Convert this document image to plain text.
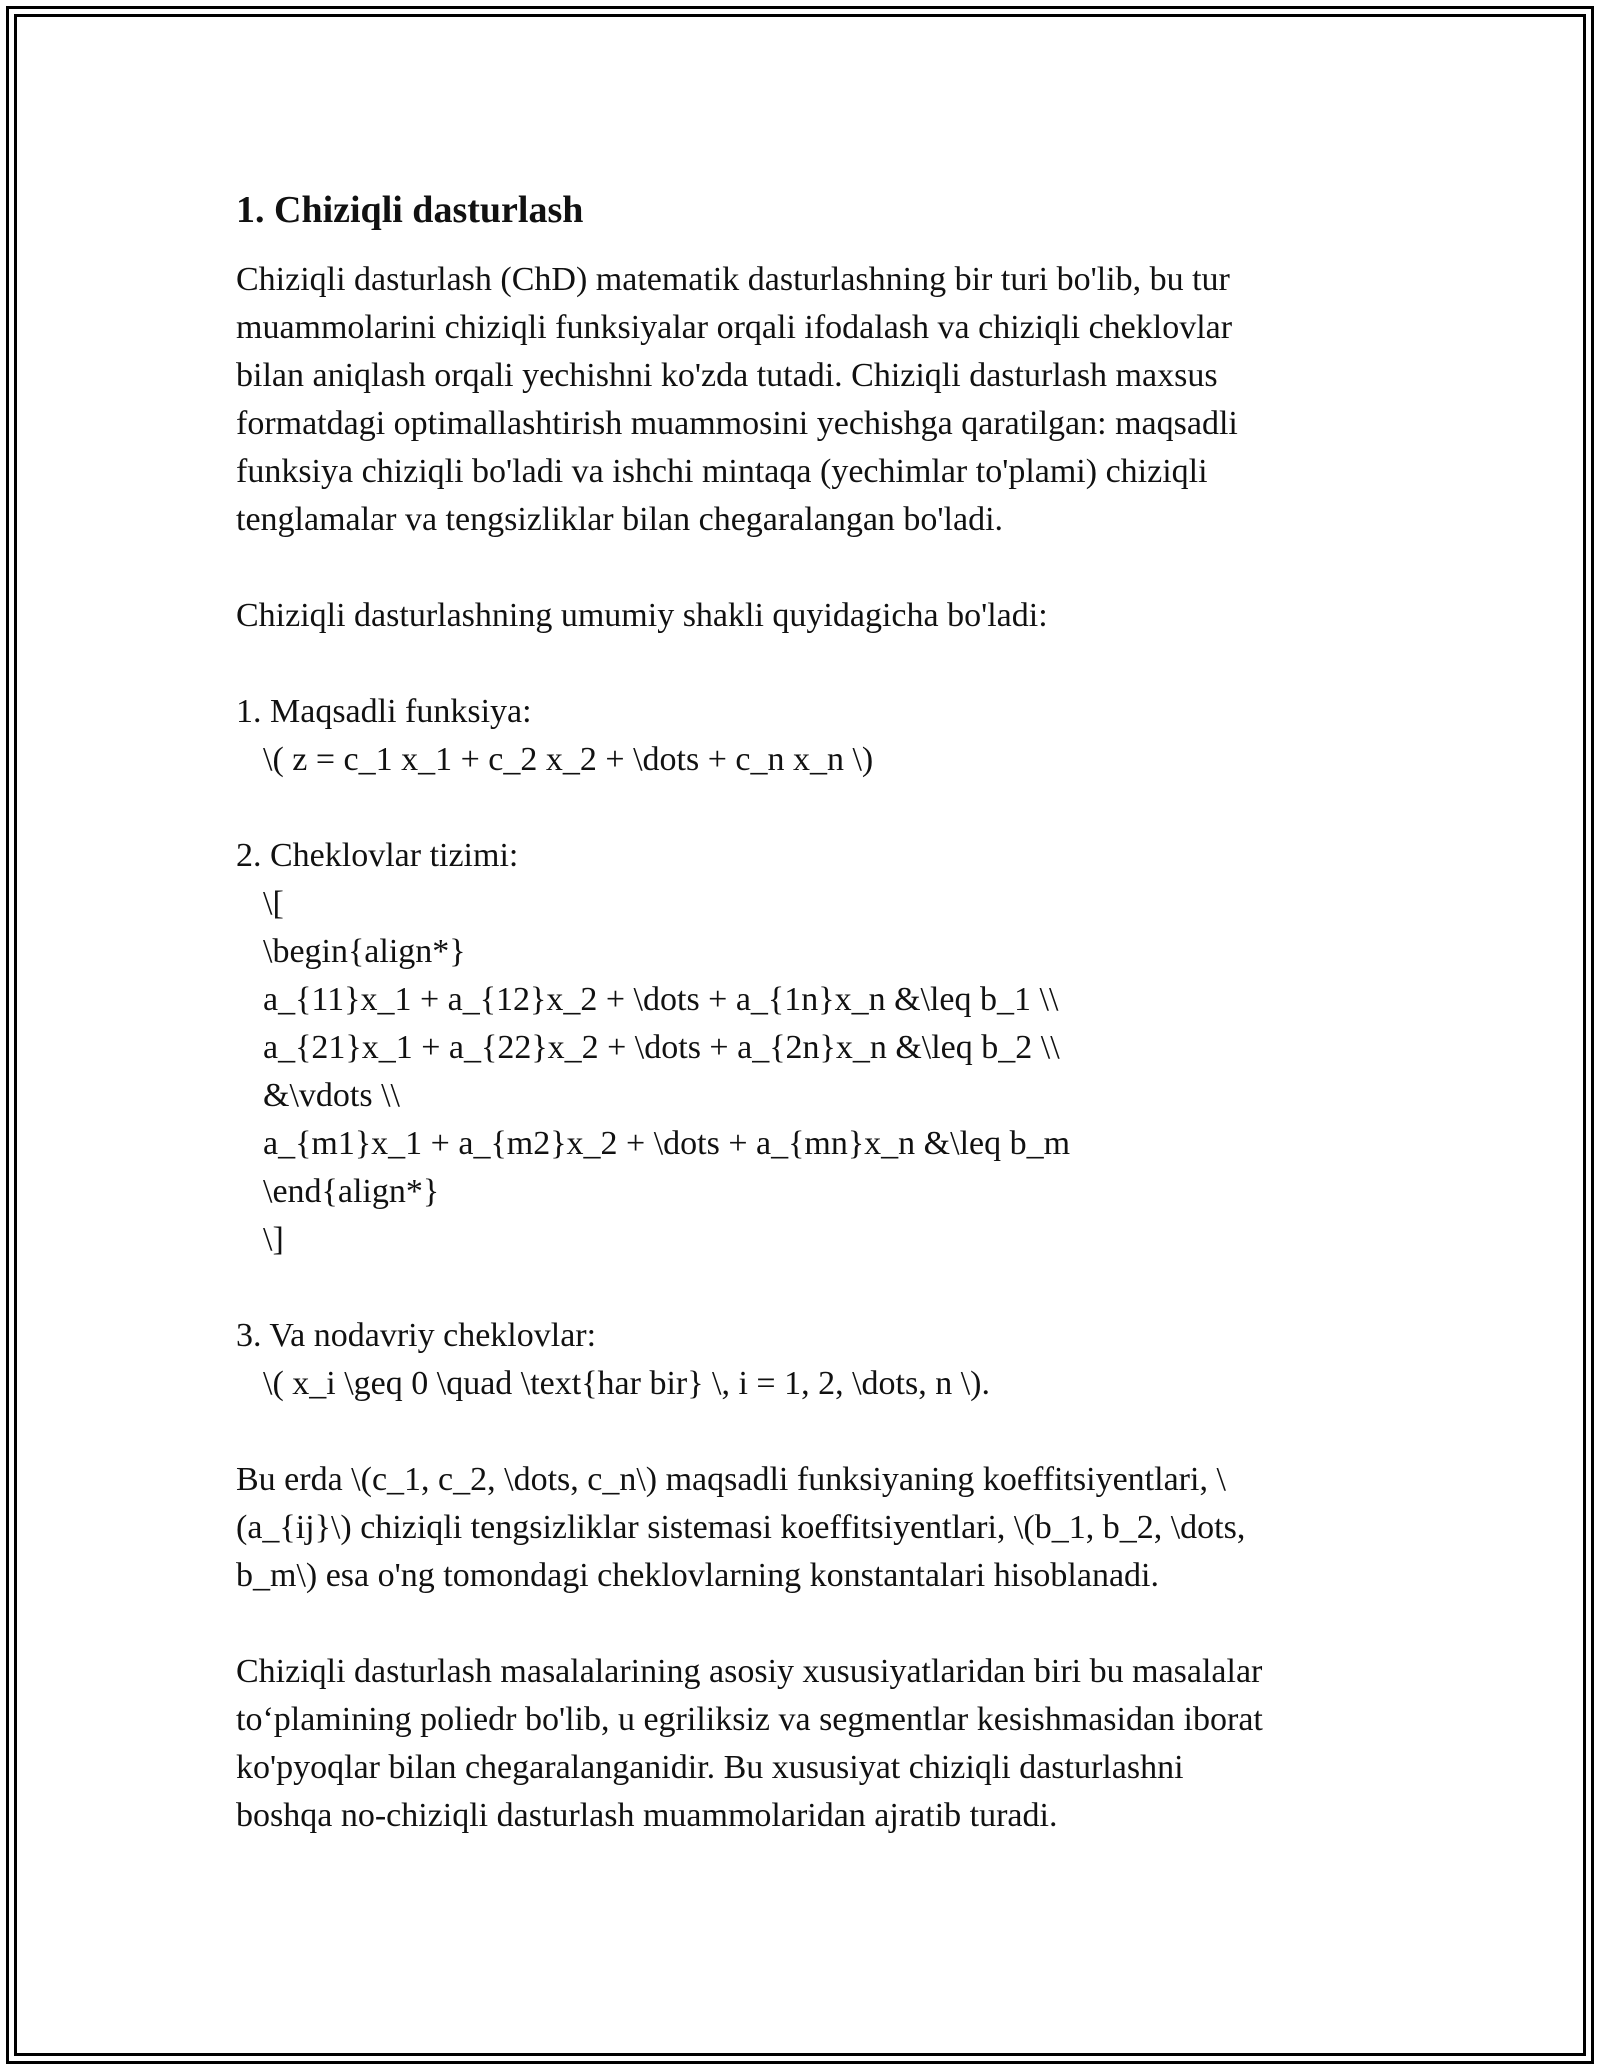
1. Chiziqli dasturlash

Chiziqli dasturlash (ChD) matematik dasturlashning bir turi bo'lib, bu tur
muammolarini chiziqli funksiyalar orqali ifodalash va chiziqli cheklovlar
bilan aniqlash orqali yechishni ko'zda tutadi. Chiziqli dasturlash maxsus
formatdagi optimallashtirish muammosini yechishga qaratilgan: maqsadli
funksiya chiziqli bo'ladi va ishchi mintaqa (yechimlar to'plami) chiziqli
tenglamalar va tengsizliklar bilan chegaralangan bo'ladi.

Chiziqli dasturlashning umumiy shakli quyidagicha bo'ladi:

1. Maqsadli funksiya:
\( z = c_1 x_1 + c_2 x_2 + \dots + c_n x_n \)
2. Cheklovlar tizimi:
\[
\begin{align*}
a_{11}x_1 + a_{12}x_2 + \dots + a_{1n}x_n &\leq b_1 \\
a_{21}x_1 + a_{22}x_2 + \dots + a_{2n}x_n &\leq b_2 \\
&\vdots \\
a_{m1}x_1 + a_{m2}x_2 + \dots + a_{mn}x_n &\leq b_m
\end{align*}
\]
3. Va nodavriy cheklovlar:
\( x_i \geq 0 \quad \text{har bir} \, i = 1, 2, \dots, n \).

Bu erda \(c_1, c_2, \dots, c_n\) maqsadli funksiyaning koeffitsiyentlari, \
(a_{ij}\) chiziqli tengsizliklar sistemasi koeffitsiyentlari, \(b_1, b_2, \dots,
b_m\) esa o'ng tomondagi cheklovlarning konstantalari hisoblanadi.

Chiziqli dasturlash masalalarining asosiy xususiyatlaridan biri bu masalalar
to‘plamining poliedr bo'lib, u egriliksiz va segmentlar kesishmasidan iborat
ko'pyoqlar bilan chegaralanganidir. Bu xususiyat chiziqli dasturlashni
boshqa no-chiziqli dasturlash muammolaridan ajratib turadi.
